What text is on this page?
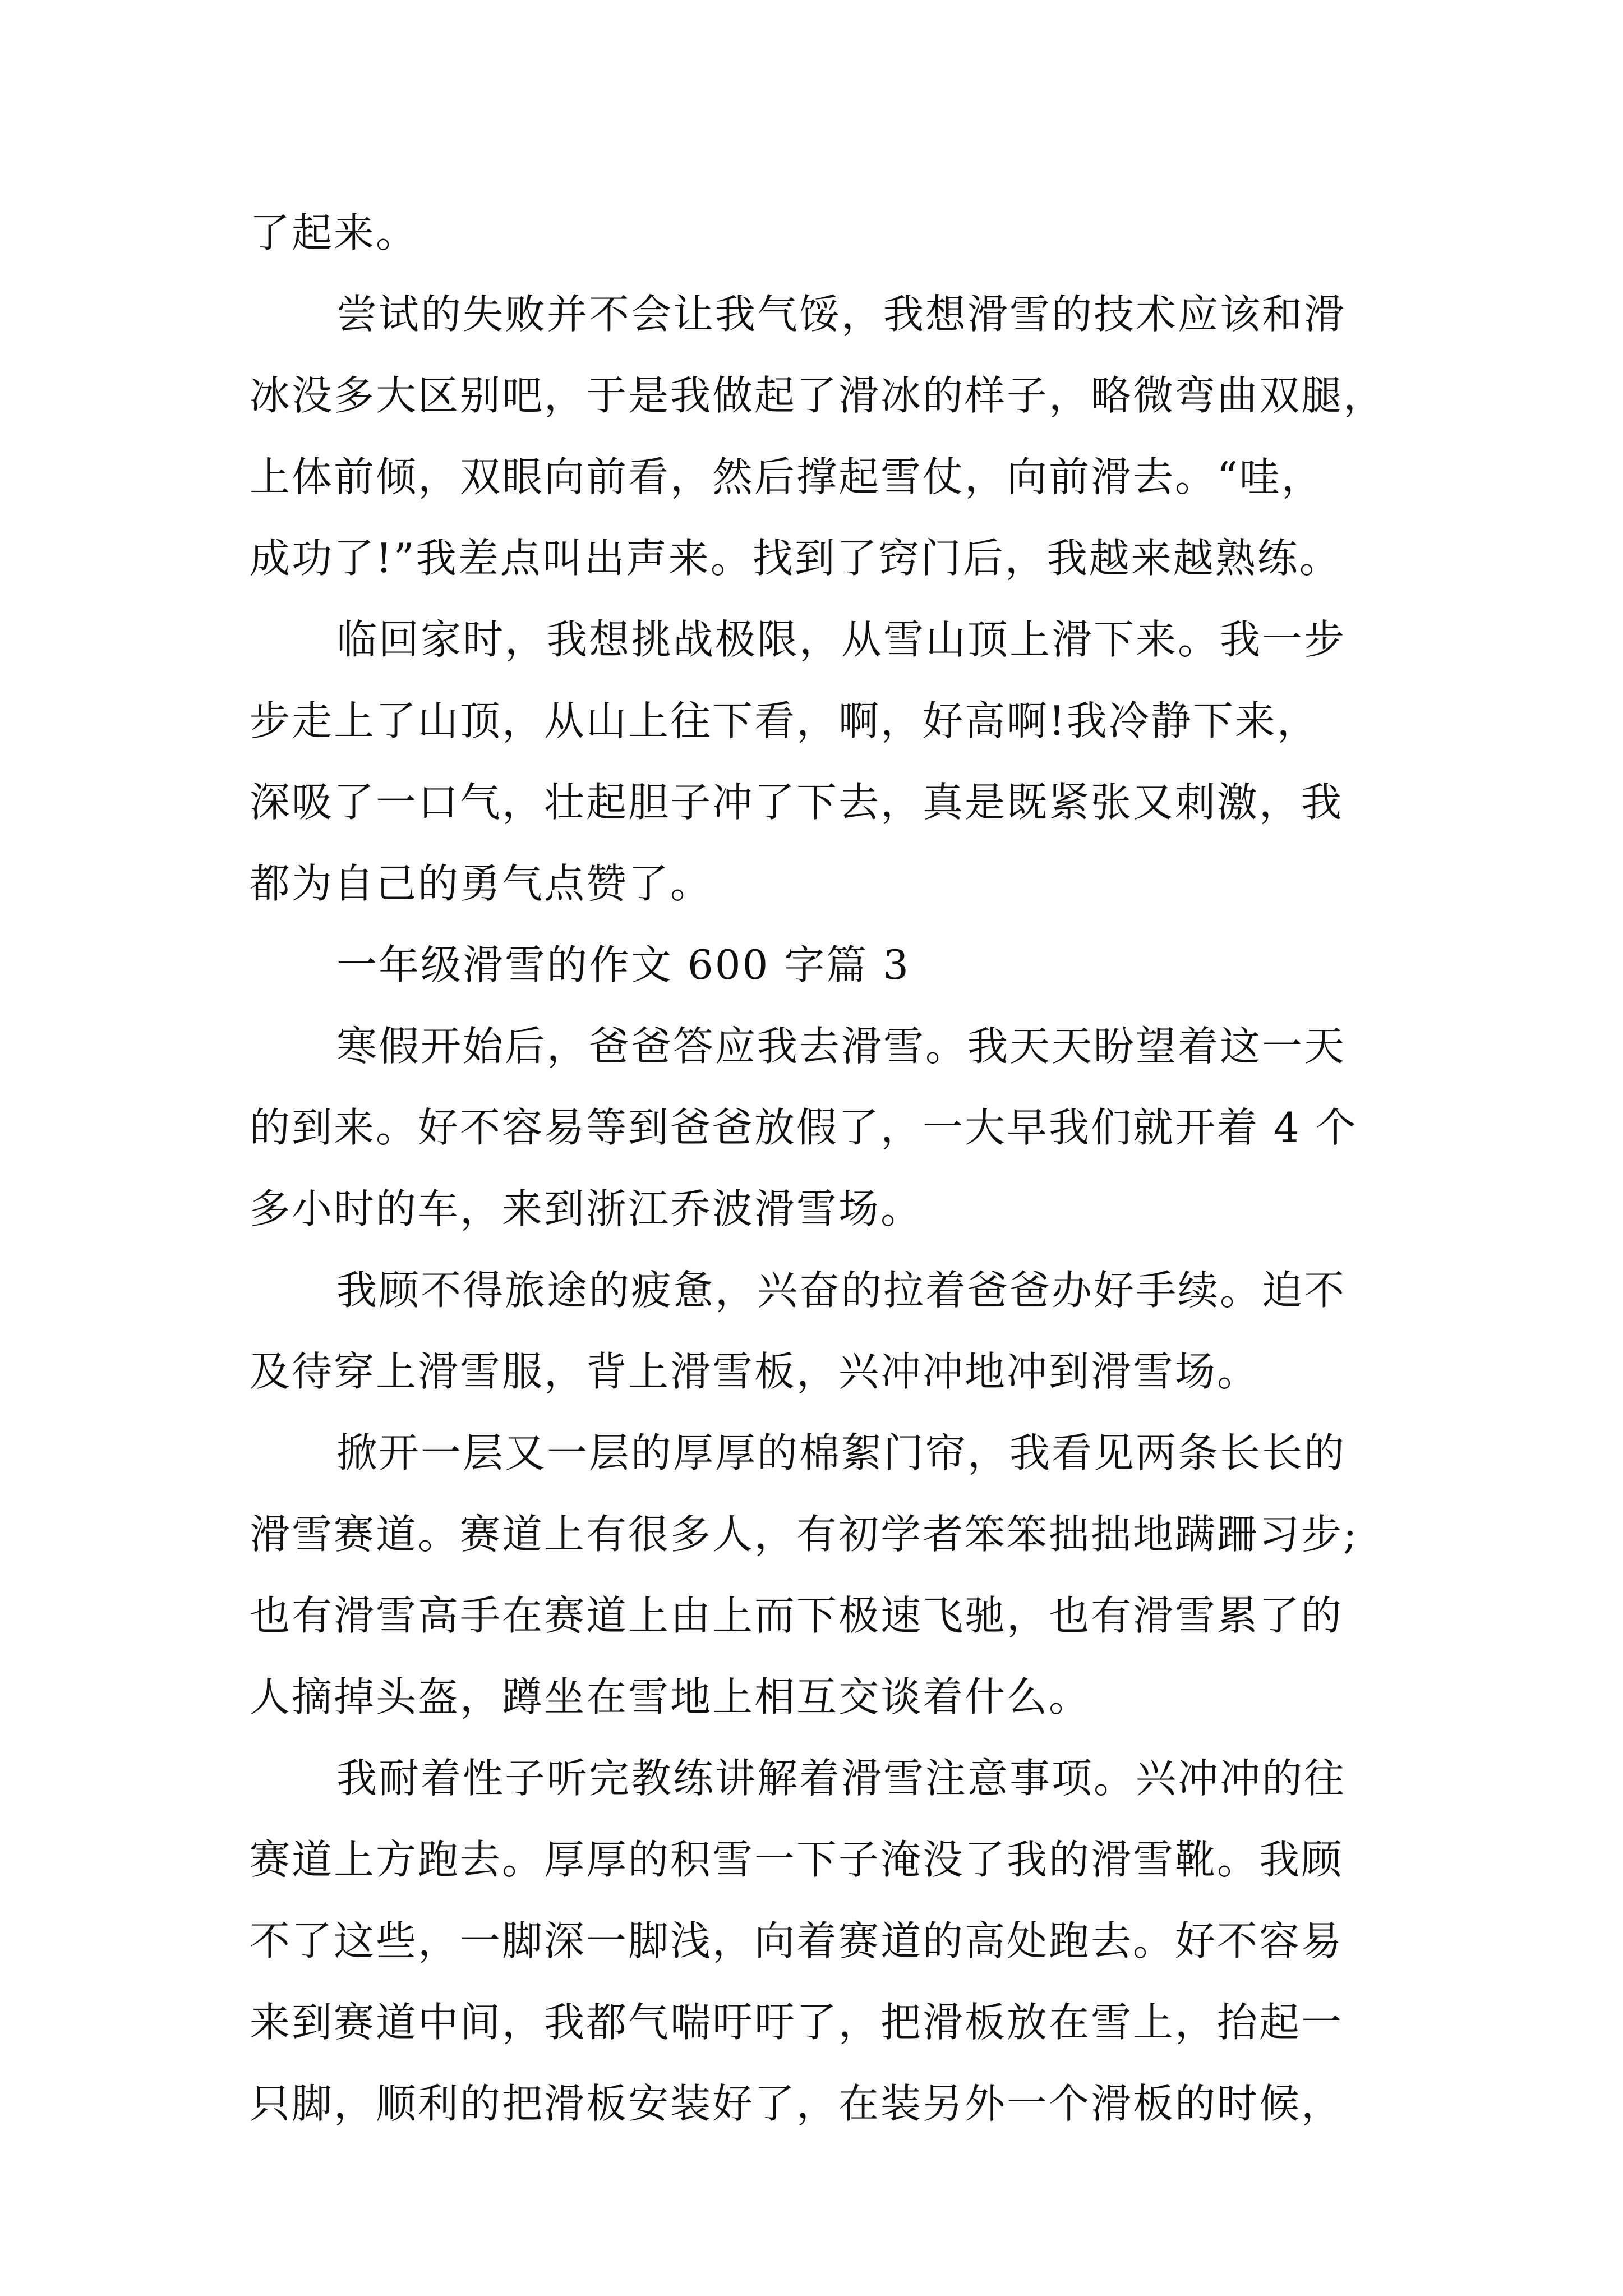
了起来。
尝试的失败并不会让我气馁，我想滑雪的技术应该和滑
冰没多大区别吧，于是我做起了滑冰的样子，略微弯曲双腿，
上体前倾，双眼向前看，然后撑起雪仗，向前滑去。“哇，
成功了!”我差点叫出声来。找到了窍门后，我越来越熟练。
临回家时，我想挑战极限，从雪山顶上滑下来。我一步
步走上了山顶，从山上往下看，啊，好高啊!我冷静下来，
深吸了一口气，壮起胆子冲了下去，真是既紧张又刺激，我
都为自己的勇气点赞了。
一年级滑雪的作文 600 字篇 3
寒假开始后，爸爸答应我去滑雪。我天天盼望着这一天
的到来。好不容易等到爸爸放假了，一大早我们就开着 4 个
多小时的车，来到浙江乔波滑雪场。
我顾不得旅途的疲惫，兴奋的拉着爸爸办好手续。迫不
及待穿上滑雪服，背上滑雪板，兴冲冲地冲到滑雪场。
掀开一层又一层的厚厚的棉絮门帘，我看见两条长长的
滑雪赛道。赛道上有很多人，有初学者笨笨拙拙地蹒跚习步;
也有滑雪高手在赛道上由上而下极速飞驰，也有滑雪累了的
人摘掉头盔，蹲坐在雪地上相互交谈着什么。
我耐着性子听完教练讲解着滑雪注意事项。兴冲冲的往
赛道上方跑去。厚厚的积雪一下子淹没了我的滑雪靴。我顾
不了这些，一脚深一脚浅，向着赛道的高处跑去。好不容易
来到赛道中间，我都气喘吁吁了，把滑板放在雪上，抬起一
只脚，顺利的把滑板安装好了，在装另外一个滑板的时候，
